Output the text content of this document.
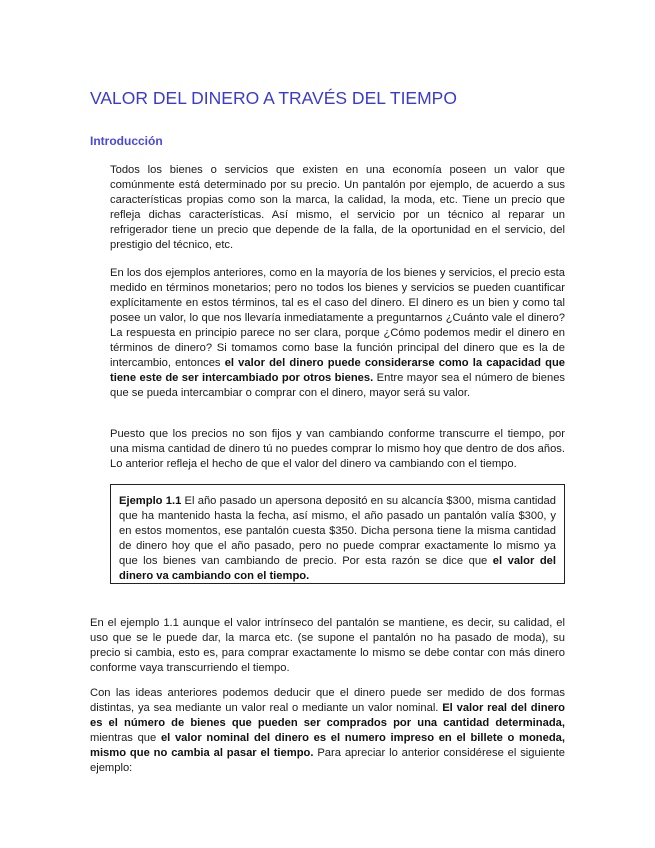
VALOR DEL DINERO A TRAVÉS DEL TIEMPO
Introducción

Todos los bienes o servicios que existen en una economía poseen un valor que comúnmente está determinado por su precio. Un pantalón por ejemplo, de acuerdo a sus características propias como son la marca, la calidad, la moda, etc. Tiene un precio que refleja dichas características. Así mismo, el servicio por un técnico al reparar un refrigerador tiene un precio que depende de la falla, de la oportunidad en el servicio, del prestigio del técnico, etc.

En los dos ejemplos anteriores, como en la mayoría de los bienes y servicios, el precio esta medido en términos monetarios; pero no todos los bienes y servicios se pueden cuantificar explícitamente en estos términos, tal es el caso del dinero. El dinero es un bien y como tal posee un valor, lo que nos llevaría inmediatamente a preguntarnos ¿Cuánto vale el dinero? La respuesta en principio parece no ser clara, porque ¿Cómo podemos medir el dinero en términos de dinero? Si tomamos como base la función principal del dinero que es la de intercambio, entonces el valor del dinero puede considerarse como la capacidad que tiene este de ser intercambiado por otros bienes. Entre mayor sea el número de bienes que se pueda intercambiar o comprar con el dinero, mayor será su valor.

Puesto que los precios no son fijos y van cambiando conforme transcurre el tiempo, por una misma cantidad de dinero tú no puedes comprar lo mismo hoy que dentro de dos años. Lo anterior refleja el hecho de que el valor del dinero va cambiando con el tiempo.

Ejemplo 1.1 El año pasado un apersona depositó en su alcancía $300, misma cantidad que ha mantenido hasta la fecha, así mismo, el año pasado un pantalón valía $300, y en estos momentos, ese pantalón cuesta $350. Dicha persona tiene la misma cantidad de dinero hoy que el año pasado, pero no puede comprar exactamente lo mismo ya que los bienes van cambiando de precio. Por esta razón se dice que el valor del dinero va cambiando con el tiempo.

En el ejemplo 1.1 aunque el valor intrínseco del pantalón se mantiene, es decir, su calidad, el uso que se le puede dar, la marca etc. (se supone el pantalón no ha pasado de moda), su precio si cambia, esto es, para comprar exactamente lo mismo se debe contar con más dinero conforme vaya transcurriendo el tiempo.

Con las ideas anteriores podemos deducir que el dinero puede ser medido de dos formas distintas, ya sea mediante un valor real o mediante un valor nominal. El valor real del dinero es el número de bienes que pueden ser comprados por una cantidad determinada, mientras que el valor nominal del dinero es el numero impreso en el billete o moneda, mismo que no cambia al pasar el tiempo. Para apreciar lo anterior considérese el siguiente ejemplo:
